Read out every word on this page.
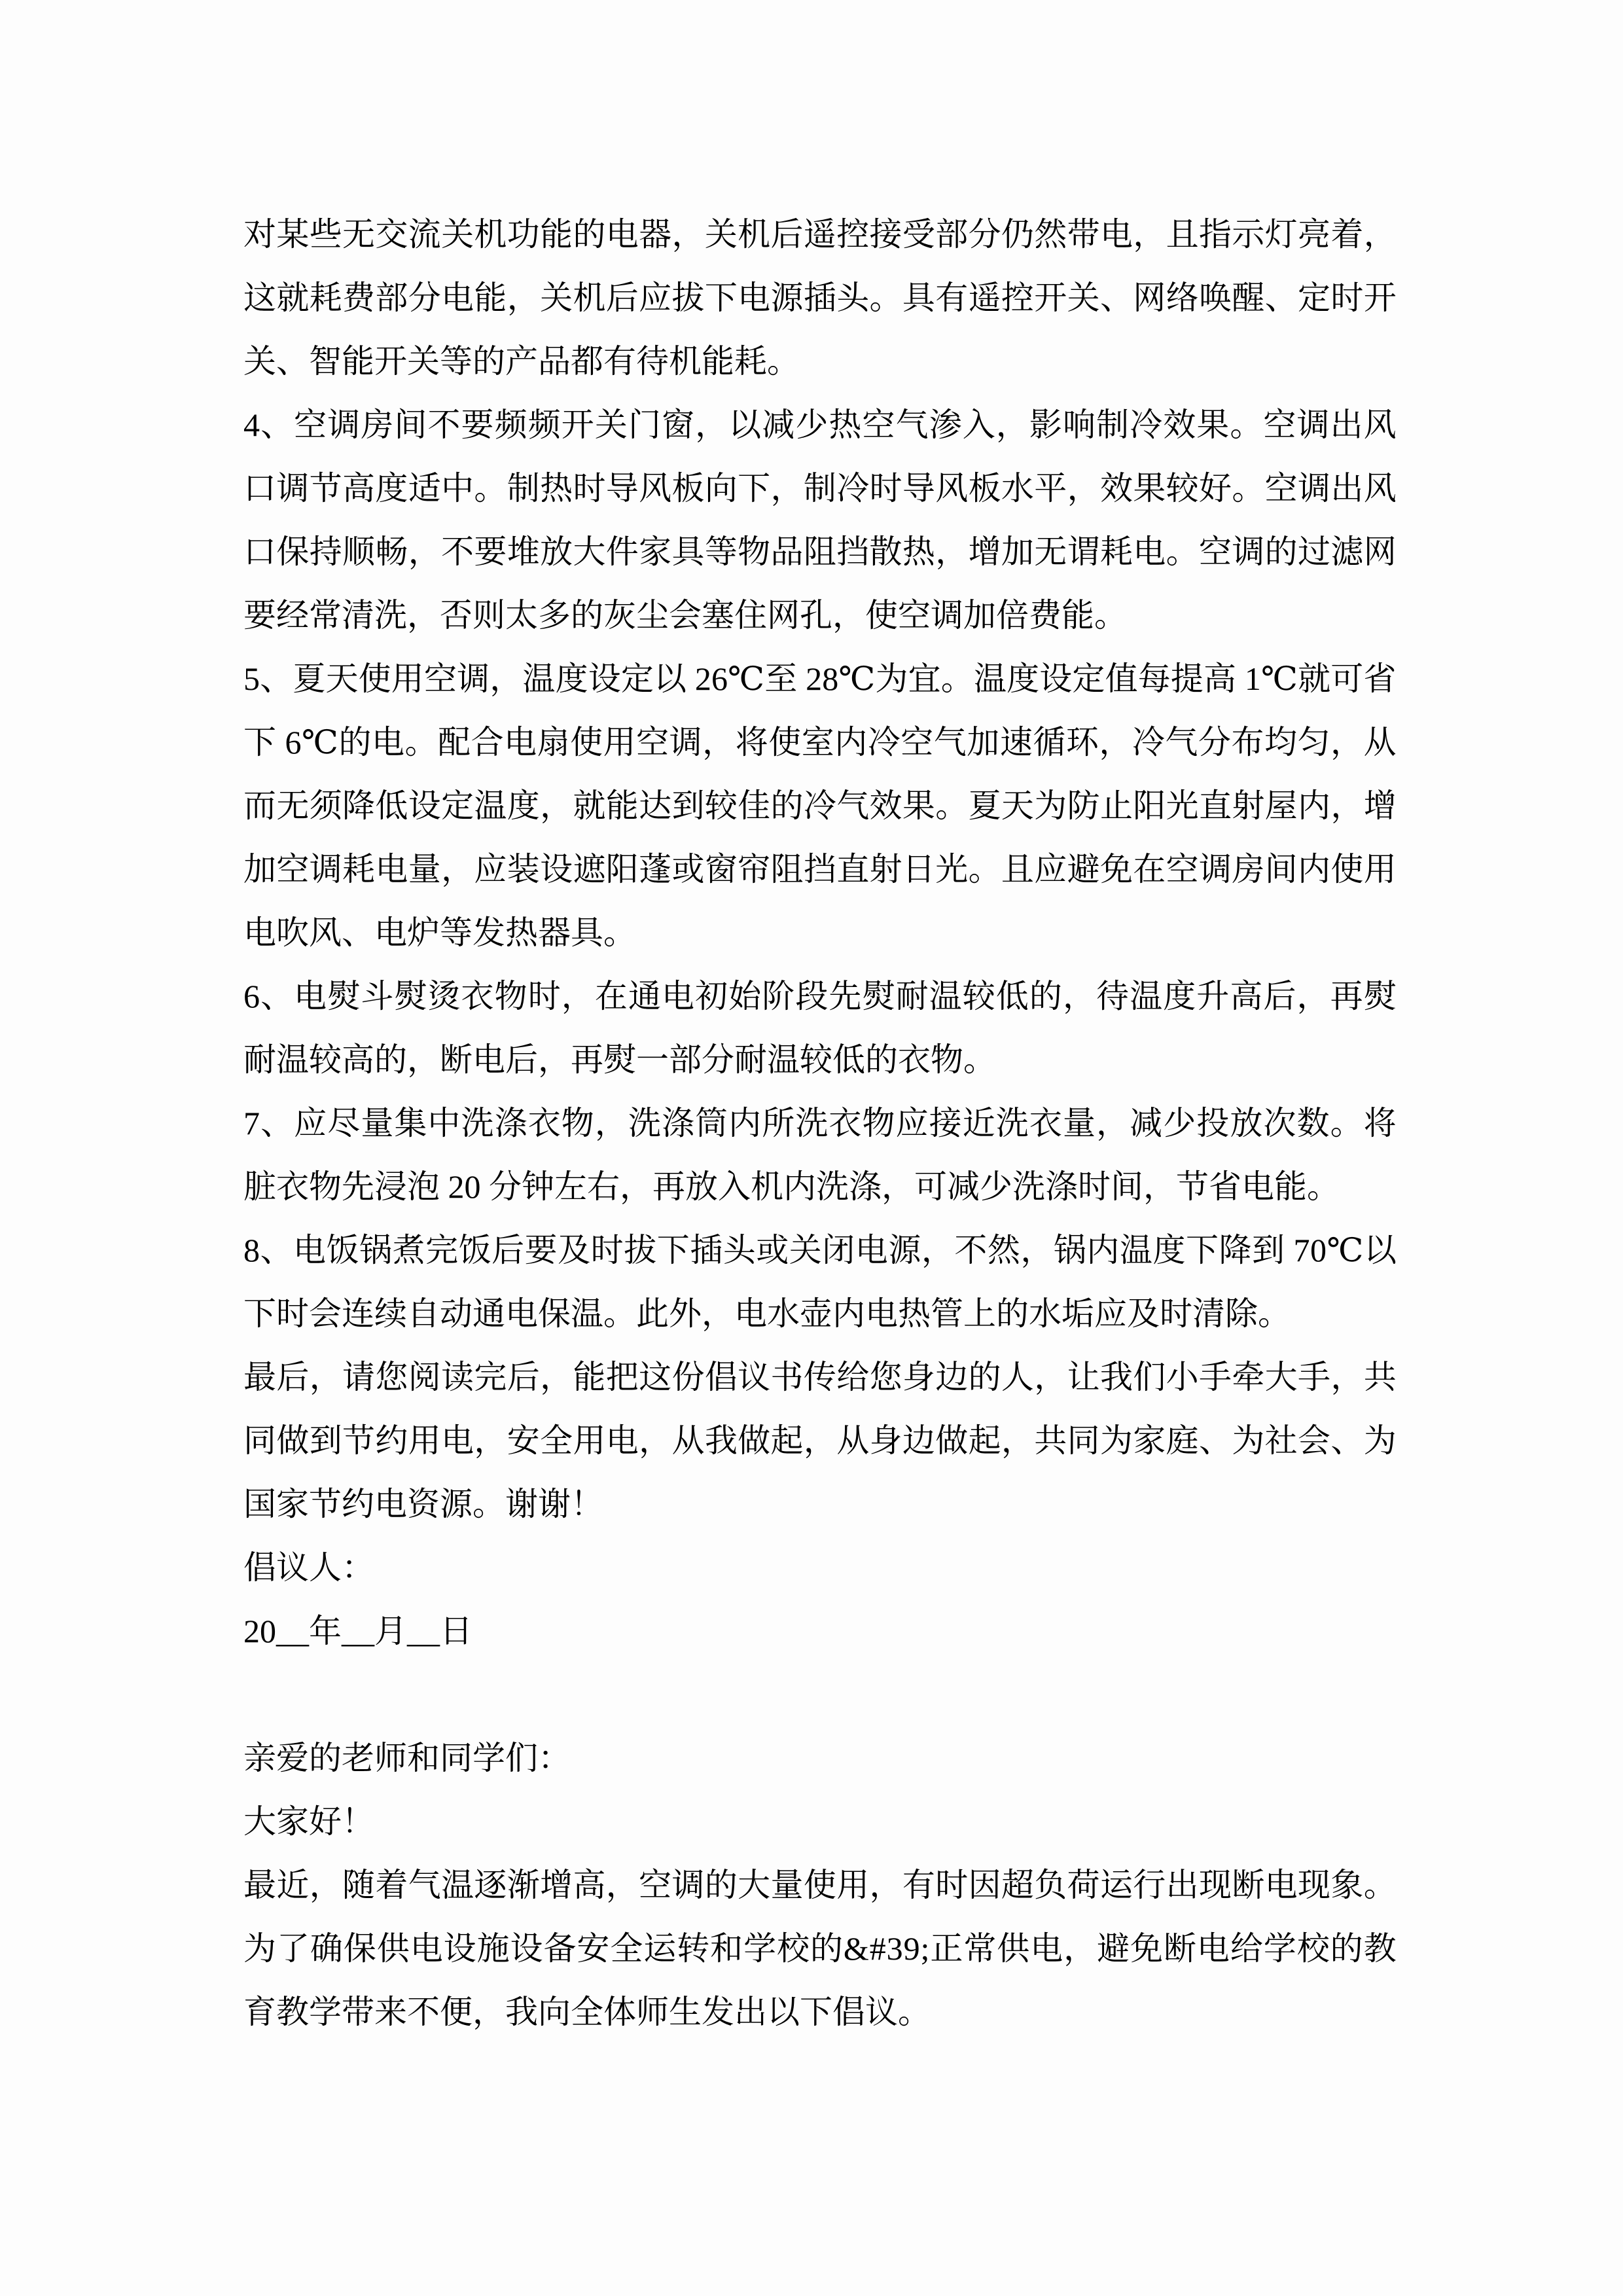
对 某 些 无 交 流 关 机 功 能 的 电 器 ， 关 机 后 遥 控 接 受 部 分 仍 然 带 电 ， 且 指 示 灯 亮 着 ，
这 就 耗 费 部 分 电 能 ， 关 机 后 应 拔 下 电 源 插 头 。 具 有 遥 控 开 关 、 网 络 唤 醒 、 定 时 开
关、智能开关等的产品都有待机能耗。
4 、 空 调 房 间 不 要 频 频 开 关 门 窗 ， 以 减 少 热 空 气 渗 入 ， 影 响 制 冷 效 果 。 空 调 出 风
口 调 节 高 度 适 中 。 制 热 时 导 风 板 向 下 ， 制 冷 时 导 风 板 水 平 ， 效 果 较 好 。 空 调 出 风
口 保 持 顺 畅 ， 不 要 堆 放 大 件 家 具 等 物 品 阻 挡 散 热 ， 增 加 无 谓 耗 电 。 空 调 的 过 滤 网
要经常清洗，否则太多的灰尘会塞住网孔，使空调加倍费能。
5 、 夏 天 使 用 空 调 ， 温 度 设 定 以
2 6 ℃ 至
2 8 ℃ 为 宜 。 温 度 设 定 值 每 提 高
1 ℃ 就 可 省
下
6 ℃ 的 电 。 配 合 电 扇 使 用 空 调 ， 将 使 室 内 冷 空 气 加 速 循 环 ， 冷 气 分 布 均 匀 ， 从
而 无 须 降 低 设 定 温 度 ， 就 能 达 到 较 佳 的 冷 气 效 果 。 夏 天 为 防 止 阳 光 直 射 屋 内 ， 增
加 空 调 耗 电 量 ， 应 装 设 遮 阳 蓬 或 窗 帘 阻 挡 直 射 日 光 。 且 应 避 免 在 空 调 房 间 内 使 用
电吹风、电炉等发热器具。
6 、 电 熨 斗 熨 烫 衣 物 时 ， 在 通 电 初 始 阶 段 先 熨 耐 温 较 低 的 ， 待 温 度 升 高 后 ， 再 熨
耐温较高的，断电后，再熨一部分耐温较低的衣物。
7 、 应 尽 量 集 中 洗 涤 衣 物 ， 洗 涤 筒 内 所 洗 衣 物 应 接 近 洗 衣 量 ， 减 少 投 放 次 数 。 将
脏衣物先浸泡 20 分钟左右，再放入机内洗涤，可减少洗涤时间，节省电能。
8 、 电 饭 锅 煮 完 饭 后 要 及 时 拔 下 插 头 或 关 闭 电 源 ， 不 然 ， 锅 内 温 度 下 降 到
7 0 ℃ 以
下时会连续自动通电保温。此外，电水壶内电热管上的水垢应及时清除。
最 后 ， 请 您 阅 读 完 后 ， 能 把 这 份 倡 议 书 传 给 您 身 边 的 人 ， 让 我 们 小 手 牵 大 手 ， 共
同 做 到 节 约 用 电 ， 安 全 用 电 ， 从 我 做 起 ， 从 身 边 做 起 ， 共 同 为 家 庭 、 为 社 会 、 为
国家节约电资源。谢谢！
倡议人：
20__年__月__日
亲爱的老师和同学们：
大家好！
最 近 ， 随 着 气 温 逐 渐 增 高 ， 空 调 的 大 量 使 用 ， 有 时 因 超 负 荷 运 行 出 现 断 电 现 象 。
为 了 确 保 供 电 设 施 设 备 安 全 运 转 和 学 校 的 & # 3 9 ; 正 常 供 电 ， 避 免 断 电 给 学 校 的 教
育教学带来不便，我向全体师生发出以下倡议。
